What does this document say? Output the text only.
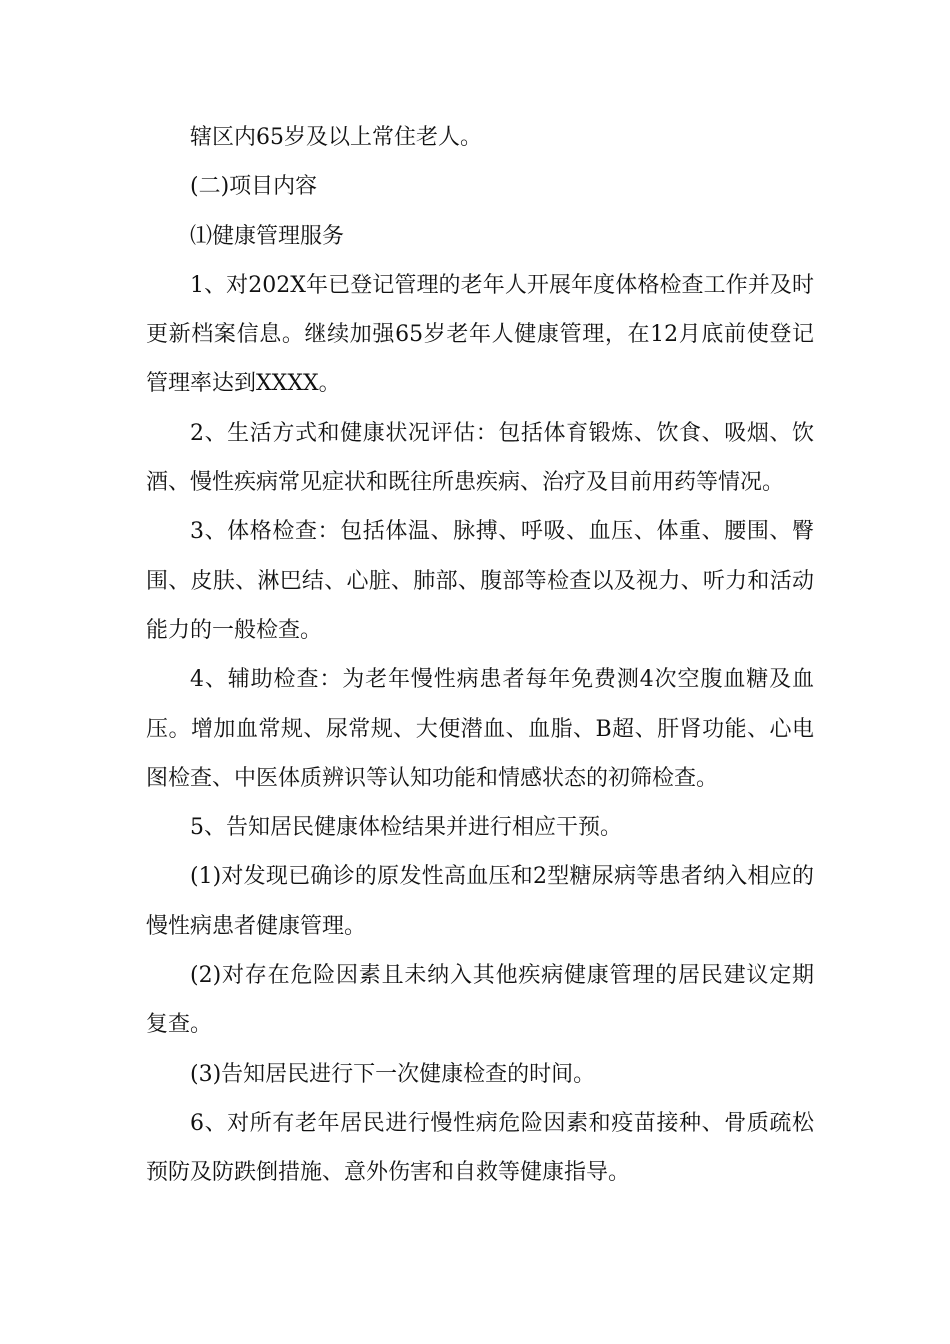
辖区内65岁及以上常住老人。

(二)项目内容

⑴健康管理服务

1、对202X年已登记管理的老年人开展年度体格检查工作并及时更新档案信息。继续加强65岁老年人健康管理，在12月底前使登记管理率达到XXXX。

2、生活方式和健康状况评估：包括体育锻炼、饮食、吸烟、饮酒、慢性疾病常见症状和既往所患疾病、治疗及目前用药等情况。

3、体格检查：包括体温、脉搏、呼吸、血压、体重、腰围、臀围、皮肤、淋巴结、心脏、肺部、腹部等检查以及视力、听力和活动能力的一般检查。

4、辅助检查：为老年慢性病患者每年免费测4次空腹血糖及血压。增加血常规、尿常规、大便潜血、血脂、B超、肝肾功能、心电图检查、中医体质辨识等认知功能和情感状态的初筛检查。

5、告知居民健康体检结果并进行相应干预。

(1)对发现已确诊的原发性高血压和2型糖尿病等患者纳入相应的慢性病患者健康管理。

(2)对存在危险因素且未纳入其他疾病健康管理的居民建议定期复查。

(3)告知居民进行下一次健康检查的时间。

6、对所有老年居民进行慢性病危险因素和疫苗接种、骨质疏松预防及防跌倒措施、意外伤害和自救等健康指导。
